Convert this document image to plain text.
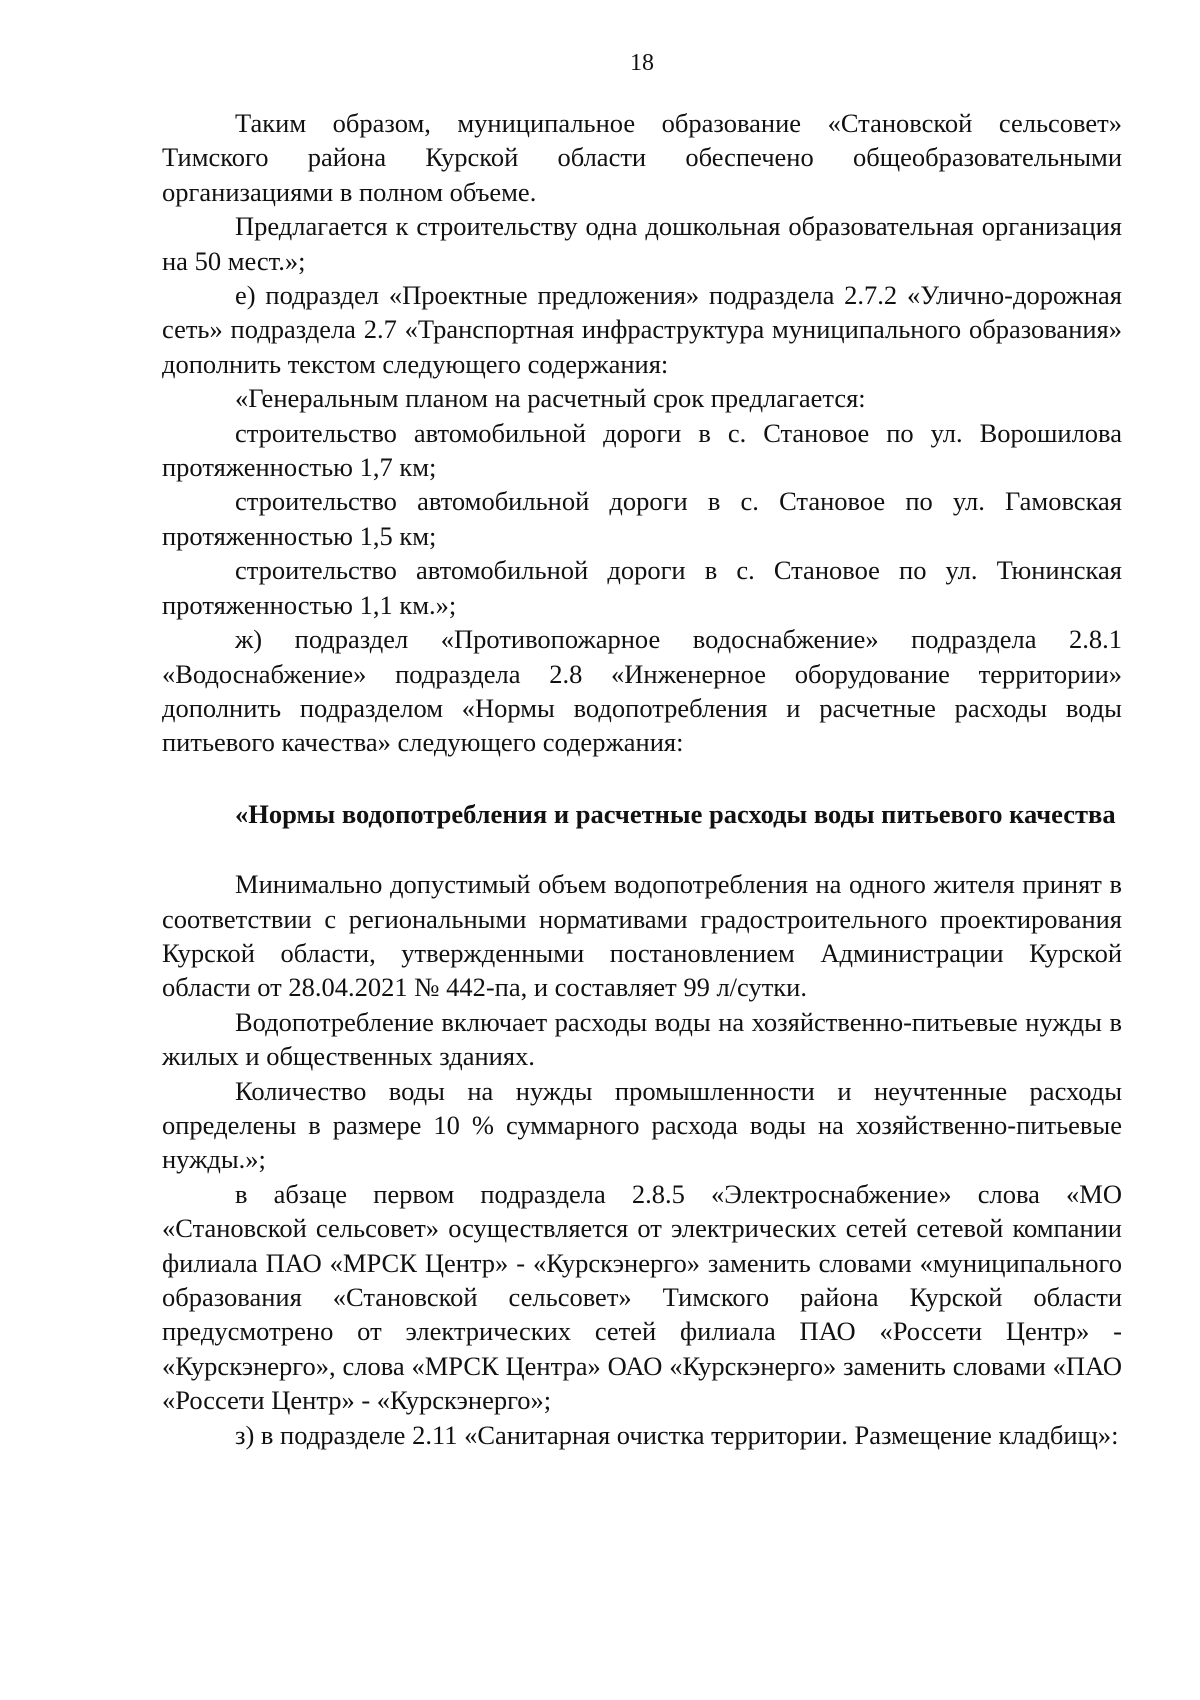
18

Таким образом, муниципальное образование «Становской сельсовет» Тимского района Курской области обеспечено общеобразовательными организациями в полном объеме.

Предлагается к строительству одна дошкольная образовательная организация на 50 мест.»;

е) подраздел «Проектные предложения» подраздела 2.7.2 «Улично-дорожная сеть» подраздела 2.7 «Транспортная инфраструктура муниципального образования» дополнить текстом следующего содержания:

«Генеральным планом на расчетный срок предлагается:

строительство автомобильной дороги в с. Становое по ул. Ворошилова протяженностью 1,7 км;

строительство автомобильной дороги в с. Становое по ул. Гамовская протяженностью 1,5 км;

строительство автомобильной дороги в с. Становое по ул. Тюнинская протяженностью 1,1 км.»;

ж) подраздел «Противопожарное водоснабжение» подраздела 2.8.1 «Водоснабжение» подраздела 2.8 «Инженерное оборудование территории» дополнить подразделом «Нормы водопотребления и расчетные расходы воды питьевого качества» следующего содержания:

«Нормы водопотребления и расчетные расходы воды питьевого качества

Минимально допустимый объем водопотребления на одного жителя принят в соответствии с региональными нормативами градостроительного проектирования Курской области, утвержденными постановлением Администрации Курской области от 28.04.2021 № 442-па, и составляет 99 л/сутки.

Водопотребление включает расходы воды на хозяйственно-питьевые нужды в жилых и общественных зданиях.

Количество воды на нужды промышленности и неучтенные расходы определены в размере 10 % суммарного расхода воды на хозяйственно-питьевые нужды.»;

в абзаце первом подраздела 2.8.5 «Электроснабжение» слова «МО «Становской сельсовет» осуществляется от электрических сетей сетевой компании филиала ПАО «МРСК Центр» - «Курскэнерго» заменить словами «муниципального образования «Становской сельсовет» Тимского района Курской области предусмотрено от электрических сетей филиала ПАО «Россети Центр» - «Курскэнерго», слова «МРСК Центра» ОАО «Курскэнерго» заменить словами «ПАО «Россети Центр» - «Курскэнерго»;

з) в подразделе 2.11 «Санитарная очистка территории. Размещение кладбищ»:
